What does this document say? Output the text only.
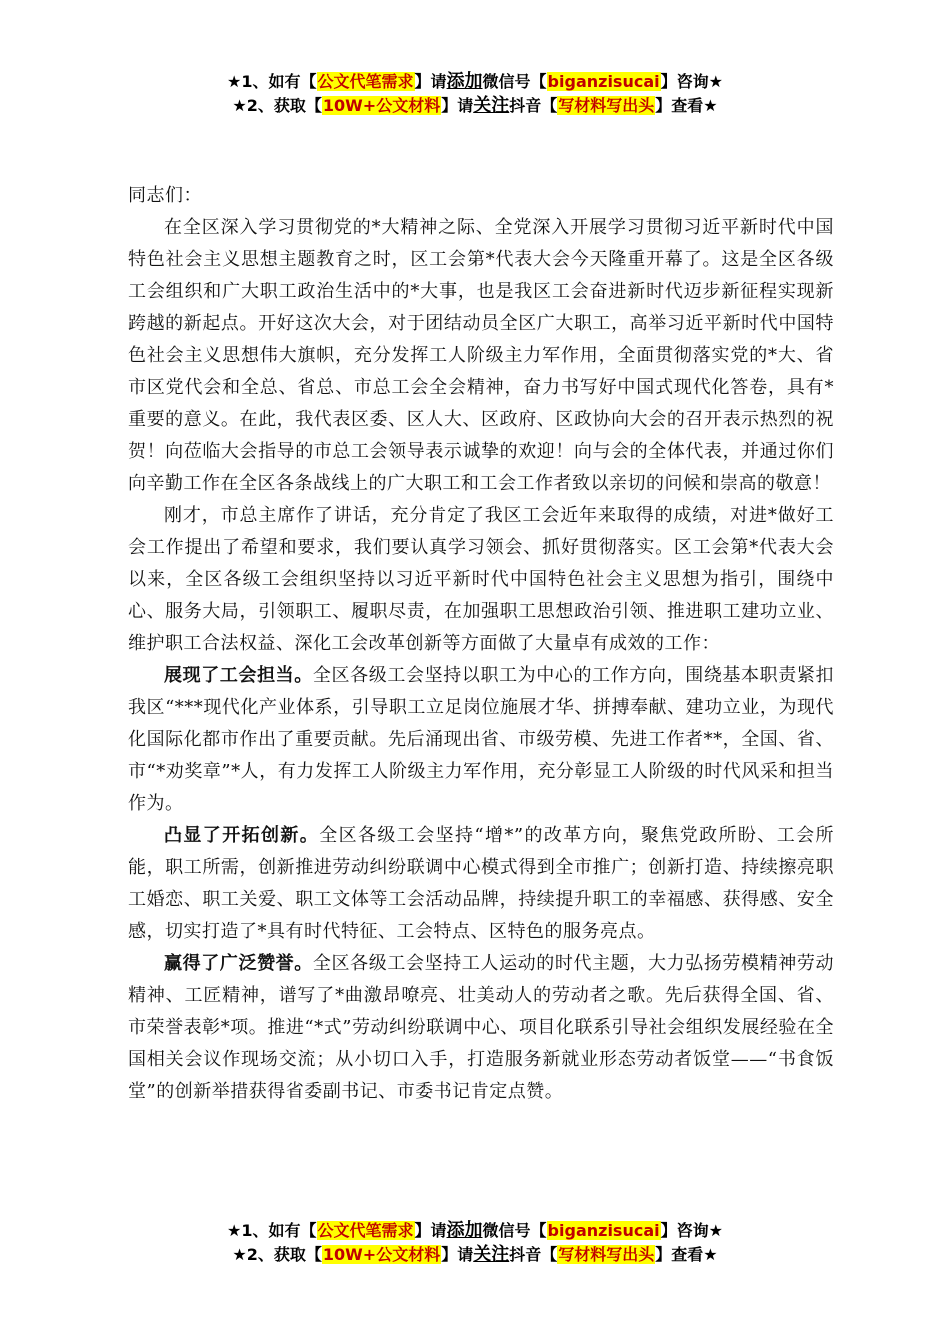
★1、如有【公文代笔需求】请添加微信号【biganzisucai】咨询★
★2、获取【10W+公文材料】请关注抖音【写材料写出头】查看★

同志们：

在全区深入学习贯彻党的*大精神之际、全党深入开展学习贯彻习近平新时代中国特色社会主义思想主题教育之时，区工会第*代表大会今天隆重开幕了。这是全区各级工会组织和广大职工政治生活中的*大事，也是我区工会奋进新时代迈步新征程实现新跨越的新起点。开好这次大会，对于团结动员全区广大职工，高举习近平新时代中国特色社会主义思想伟大旗帜，充分发挥工人阶级主力军作用，全面贯彻落实党的*大、省市区党代会和全总、省总、市总工会全会精神，奋力书写好中国式现代化答卷，具有*重要的意义。在此，我代表区委、区人大、区政府、区政协向大会的召开表示热烈的祝贺！向莅临大会指导的市总工会领导表示诚挚的欢迎！向与会的全体代表，并通过你们向辛勤工作在全区各条战线上的广大职工和工会工作者致以亲切的问候和崇高的敬意！

刚才，市总主席作了讲话，充分肯定了我区工会近年来取得的成绩，对进*做好工会工作提出了希望和要求，我们要认真学习领会、抓好贯彻落实。区工会第*代表大会以来，全区各级工会组织坚持以习近平新时代中国特色社会主义思想为指引，围绕中心、服务大局，引领职工、履职尽责，在加强职工思想政治引领、推进职工建功立业、维护职工合法权益、深化工会改革创新等方面做了大量卓有成效的工作：

展现了工会担当。全区各级工会坚持以职工为中心的工作方向，围绕基本职责紧扣我区“***现代化产业体系，引导职工立足岗位施展才华、拼搏奉献、建功立业，为现代化国际化都市作出了重要贡献。先后涌现出省、市级劳模、先进工作者**，全国、省、市“*劝奖章”*人，有力发挥工人阶级主力军作用，充分彰显工人阶级的时代风采和担当作为。

凸显了开拓创新。全区各级工会坚持“增*”的改革方向，聚焦党政所盼、工会所能，职工所需，创新推进劳动纠纷联调中心模式得到全市推广；创新打造、持续擦亮职工婚恋、职工关爱、职工文体等工会活动品牌，持续提升职工的幸福感、获得感、安全感，切实打造了*具有时代特征、工会特点、区特色的服务亮点。

赢得了广泛赞誉。全区各级工会坚持工人运动的时代主题，大力弘扬劳模精神劳动精神、工匠精神，谱写了*曲激昂嘹亮、壮美动人的劳动者之歌。先后获得全国、省、市荣誉表彰*项。推进“*式”劳动纠纷联调中心、项目化联系引导社会组织发展经验在全国相关会议作现场交流；从小切口入手，打造服务新就业形态劳动者饭堂——“书食饭堂”的创新举措获得省委副书记、市委书记肯定点赞。

★1、如有【公文代笔需求】请添加微信号【biganzisucai】咨询★
★2、获取【10W+公文材料】请关注抖音【写材料写出头】查看★
